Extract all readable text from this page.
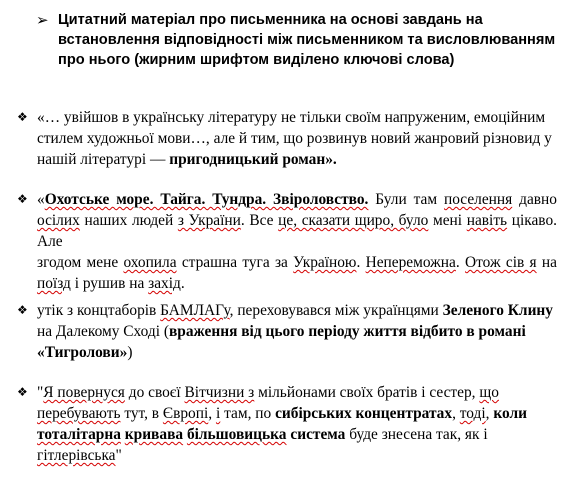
➢ Цитатний матеріал про письменника на основі завдань на встановлення відповідності між письменником та висловлюванням про нього (жирним шрифтом виділено ключові слова)
❖ «… увійшов в українську літературу не тільки своїм напруженим, емоційним стилем художньої мови…, але й тим, що розвинув новий жанровий різновид у нашій літературі — пригодницький роман».
❖ «Охотське море. Тайга. Тундра. Звіроловство. Були там поселення давно осілих наших людей з України. Все це, сказати щиро, було мені навіть цікаво. Але
згодом мене охопила страшна туга за Україною. Непереможна. Отож сів я на поїзд і рушив на захід.
❖ утік з концтаборів БАМЛАГу, переховувався між українцями Зеленого Клину на Далекому Сході (враження від цього періоду життя відбито в романі «Тигролови»)
❖ "Я повернуся до своєї Вітчизни з мільйонами своїх братів і сестер, що перебувають тут, в Європі, і там, по сибірських концентратах, тоді, коли тоталітарна кривава більшовицька система буде знесена так, як і гітлерівська"
